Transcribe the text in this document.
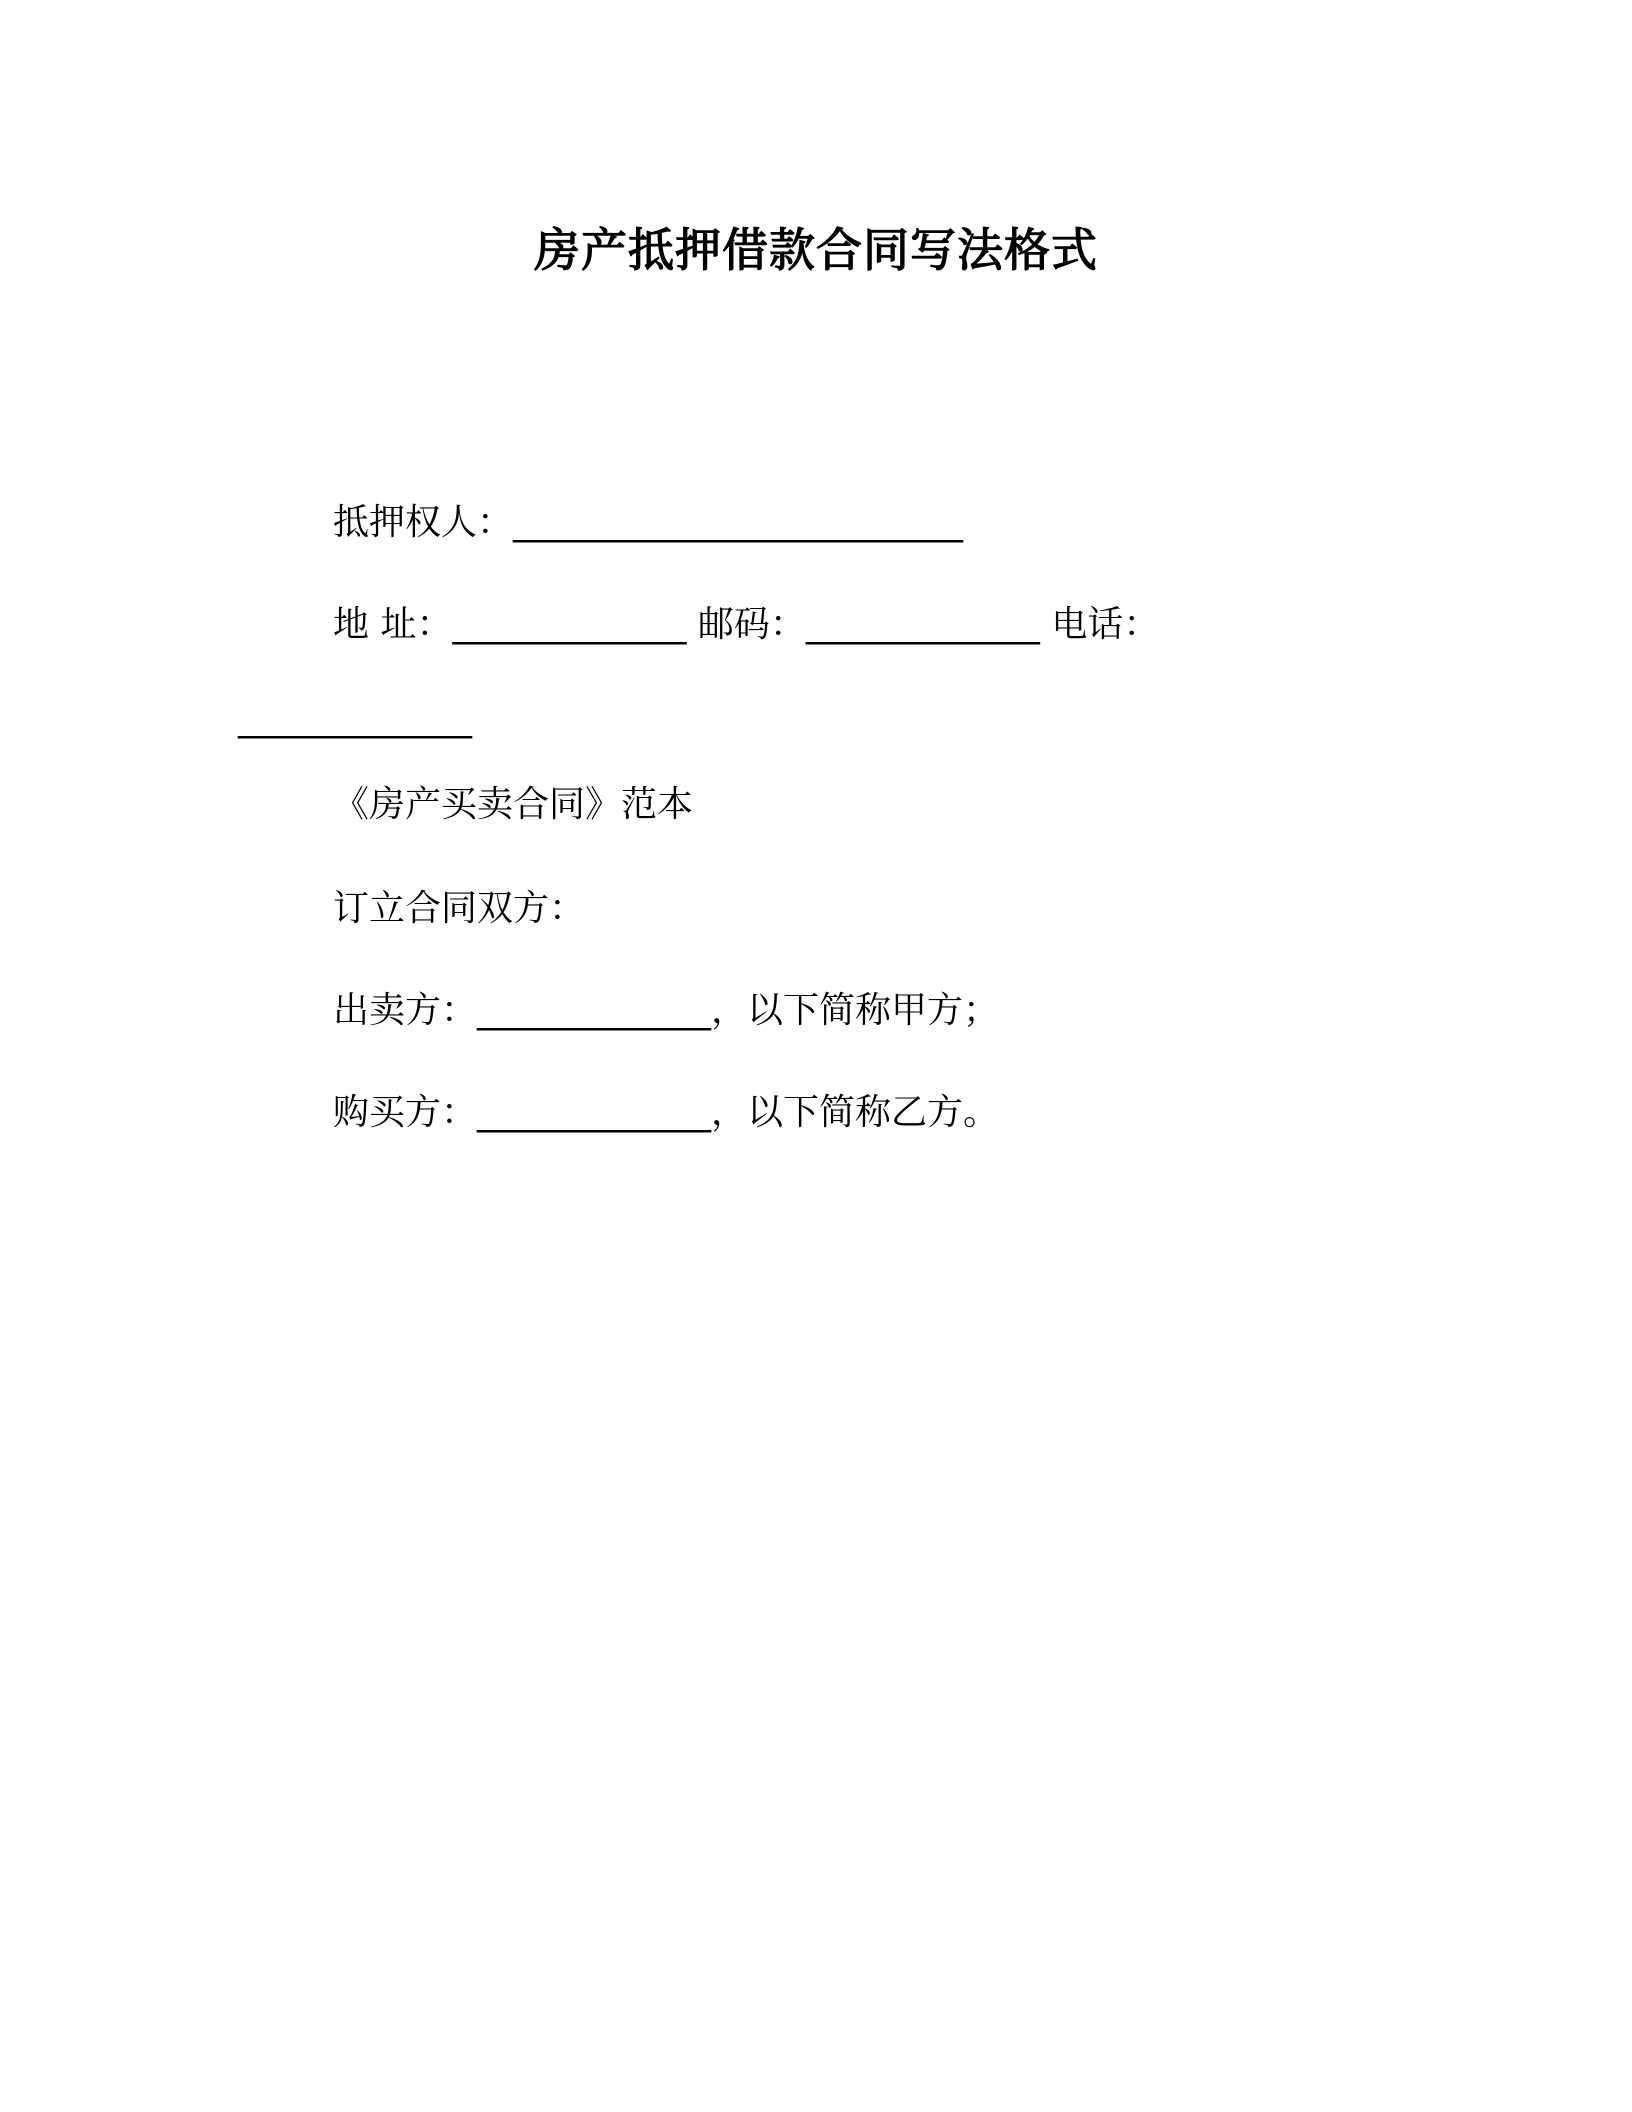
房产抵押借款合同写法格式
抵押权人：_________________________
地 址：_____________ 邮码：_____________ 电话：
_____________
《房产买卖合同》范本
订立合同双方：
出卖方：_____________，以下简称甲方；
购买方：_____________，以下简称乙方。
